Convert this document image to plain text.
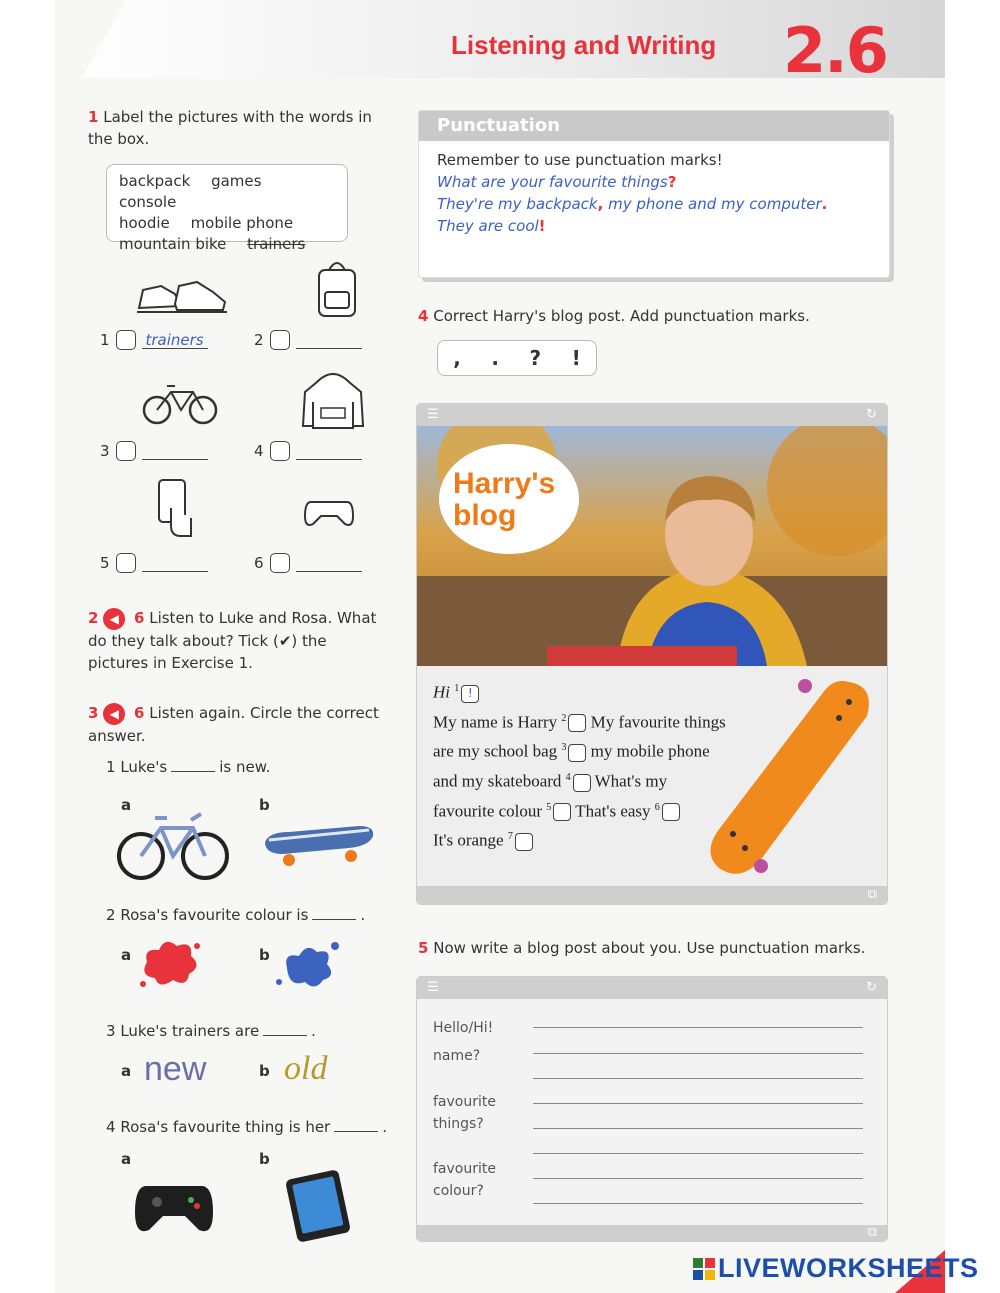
Listening and Writing 2.6
1 Label the pictures with the words in the box.
backpack games console
hoodie mobile phone
mountain bike trainers
1 trainers	2
3	4
5	6
2 ◀ 6 Listen to Luke and Rosa. What do they talk about? Tick (✔) the pictures in Exercise 1.
3 ◀ 6 Listen again. Circle the correct answer.
1 Luke's	is new.
a	b
2 Rosa's favourite colour is	.
a	b
3 Luke's trainers are	.
a new	b old
4 Rosa's favourite thing is her	.
a	b
Punctuation
Remember to use punctuation marks!
What are your favourite things?
They're my backpack, my phone and my computer.
They are cool!
4 Correct Harry's blog post. Add punctuation marks.
, . ? !
☰	↻
Harry's
blog
Hi $^1$ !
My name is Harry $^2$ My favourite things
are my school bag $^3$ my mobile phone
and my skateboard $^4$ What's my
favourite colour $^5$ That's easy $^6$
It's orange $^7$
⧉
5 Now write a blog post about you. Use punctuation marks.
☰	↻
Hello/Hi!
name?
favourite things?
favourite colour?
⧉
LIVEWORKSHEETS
